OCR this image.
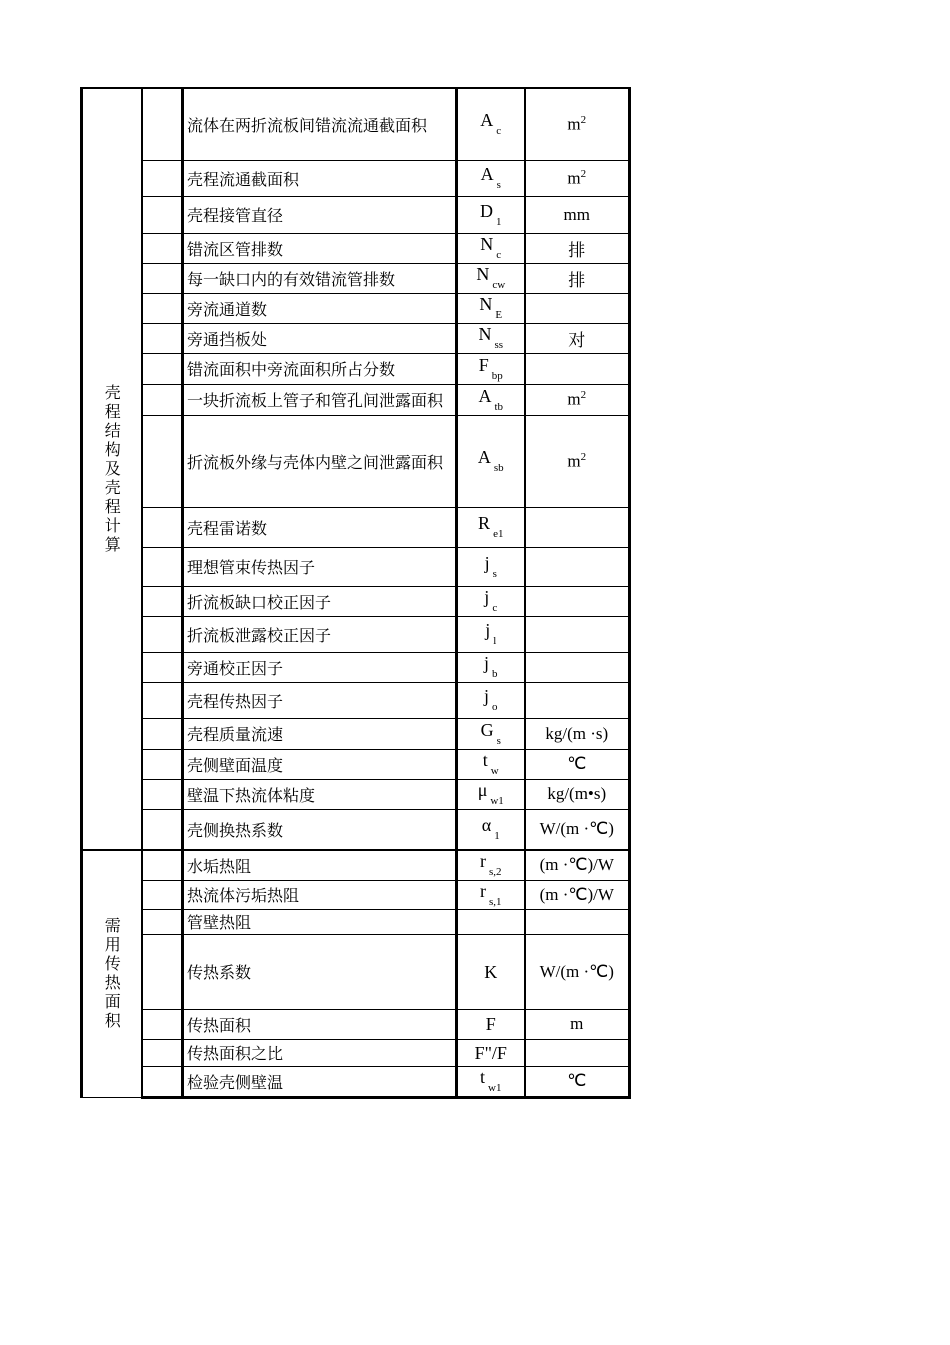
壳程结构及壳程计算		流体在两折流板间错流流通截面积	$A_c$	$m^2$
		壳程流通截面积	$A_s$	$m^2$
		壳程接管直径	$D_1$	mm
		错流区管排数	$N_c$	排
		每一缺口内的有效错流管排数	$N_{cw}$	排
		旁流通道数	$N_E$	
		旁通挡板处	$N_{ss}$	对
		错流面积中旁流面积所占分数	$F_{bp}$	
		一块折流板上管子和管孔间泄露面积	$A_{tb}$	$m^2$
		折流板外缘与壳体内壁之间泄露面积	$A_{sb}$	$m^2$
		壳程雷诺数	$R_{e1}$	
		理想管束传热因子	$j_s$	
		折流板缺口校正因子	$j_c$	
		折流板泄露校正因子	$j_l$	
		旁通校正因子	$j_b$	
		壳程传热因子	$j_o$	
		壳程质量流速	$G_s$	kg/(m ·s)
		壳侧壁面温度	$t_w$	℃
		壁温下热流体粘度	$\mu_{w1}$	kg/(m•s)
		壳侧换热系数	$\alpha_1$	W/(m ·℃)
需用传热面积		水垢热阻	$r_{s,2}$	(m ·℃)/W
		热流体污垢热阻	$r_{s,1}$	(m ·℃)/W
		管壁热阻		
		传热系数	K	W/(m ·℃)
		传热面积	F	m
		传热面积之比	F"/F	
		检验壳侧壁温	$t_{w1}$	℃
